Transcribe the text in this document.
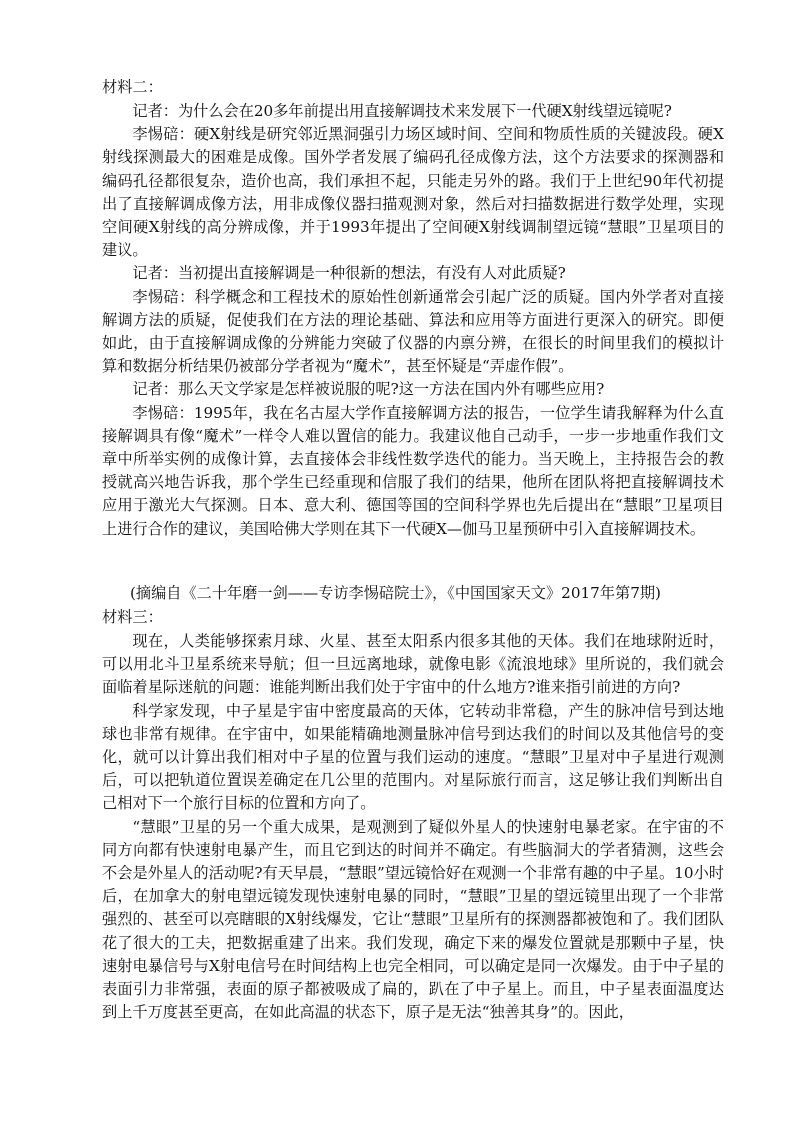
材料二：

记者：为什么会在20多年前提出用直接解调技术来发展下一代硬X射线望远镜呢?

李惕碚：硬X射线是研究邻近黑洞强引力场区域时间、空间和物质性质的关键波段。硬X射线探测最大的困难是成像。国外学者发展了编码孔径成像方法，这个方法要求的探测器和编码孔径都很复杂，造价也高，我们承担不起，只能走另外的路。我们于上世纪90年代初提出了直接解调成像方法，用非成像仪器扫描观测对象，然后对扫描数据进行数学处理，实现空间硬X射线的高分辨成像，并于1993年提出了空间硬X射线调制望远镜“慧眼”卫星项目的建议。

记者：当初提出直接解调是一种很新的想法，有没有人对此质疑?

李惕碚：科学概念和工程技术的原始性创新通常会引起广泛的质疑。国内外学者对直接解调方法的质疑，促使我们在方法的理论基础、算法和应用等方面进行更深入的研究。即便如此，由于直接解调成像的分辨能力突破了仪器的内禀分辨，在很长的时间里我们的模拟计算和数据分析结果仍被部分学者视为“魔术”，甚至怀疑是“弄虚作假”。

记者：那么天文学家是怎样被说服的呢?这一方法在国内外有哪些应用?

李惕碚：1995年，我在名古屋大学作直接解调方法的报告，一位学生请我解释为什么直接解调具有像“魔术”一样令人难以置信的能力。我建议他自己动手，一步一步地重作我们文章中所举实例的成像计算，去直接体会非线性数学迭代的能力。当天晚上，主持报告会的教授就高兴地告诉我，那个学生已经重现和信服了我们的结果，他所在团队将把直接解调技术应用于激光大气探测。日本、意大利、德国等国的空间科学界也先后提出在“慧眼”卫星项目上进行合作的建议，美国哈佛大学则在其下一代硬X—伽马卫星预研中引入直接解调技术。

(摘编自《二十年磨一剑——专访李惕碚院士》，《中国国家天文》2017年第7期)
材料三：

现在，人类能够探索月球、火星、甚至太阳系内很多其他的天体。我们在地球附近时，可以用北斗卫星系统来导航；但一旦远离地球，就像电影《流浪地球》里所说的，我们就会面临着星际迷航的问题：谁能判断出我们处于宇宙中的什么地方?谁来指引前进的方向?

科学家发现，中子星是宇宙中密度最高的天体，它转动非常稳，产生的脉冲信号到达地球也非常有规律。在宇宙中，如果能精确地测量脉冲信号到达我们的时间以及其他信号的变化，就可以计算出我们相对中子星的位置与我们运动的速度。“慧眼”卫星对中子星进行观测后，可以把轨道位置误差确定在几公里的范围内。对星际旅行而言，这足够让我们判断出自己相对下一个旅行目标的位置和方向了。

“慧眼”卫星的另一个重大成果，是观测到了疑似外星人的快速射电暴老家。在宇宙的不同方向都有快速射电暴产生，而且它到达的时间并不确定。有些脑洞大的学者猜测，这些会不会是外星人的活动呢?有天早晨，“慧眼”望远镜恰好在观测一个非常有趣的中子星。10小时后，在加拿大的射电望远镜发现快速射电暴的同时，“慧眼”卫星的望远镜里出现了一个非常强烈的、甚至可以亮瞎眼的X射线爆发，它让“慧眼”卫星所有的探测器都被饱和了。我们团队花了很大的工夫，把数据重建了出来。我们发现，确定下来的爆发位置就是那颗中子星，快速射电暴信号与X射电信号在时间结构上也完全相同，可以确定是同一次爆发。由于中子星的表面引力非常强，表面的原子都被吸成了扁的，趴在了中子星上。而且，中子星表面温度达到上千万度甚至更高，在如此高温的状态下，原子是无法“独善其身”的。因此，
